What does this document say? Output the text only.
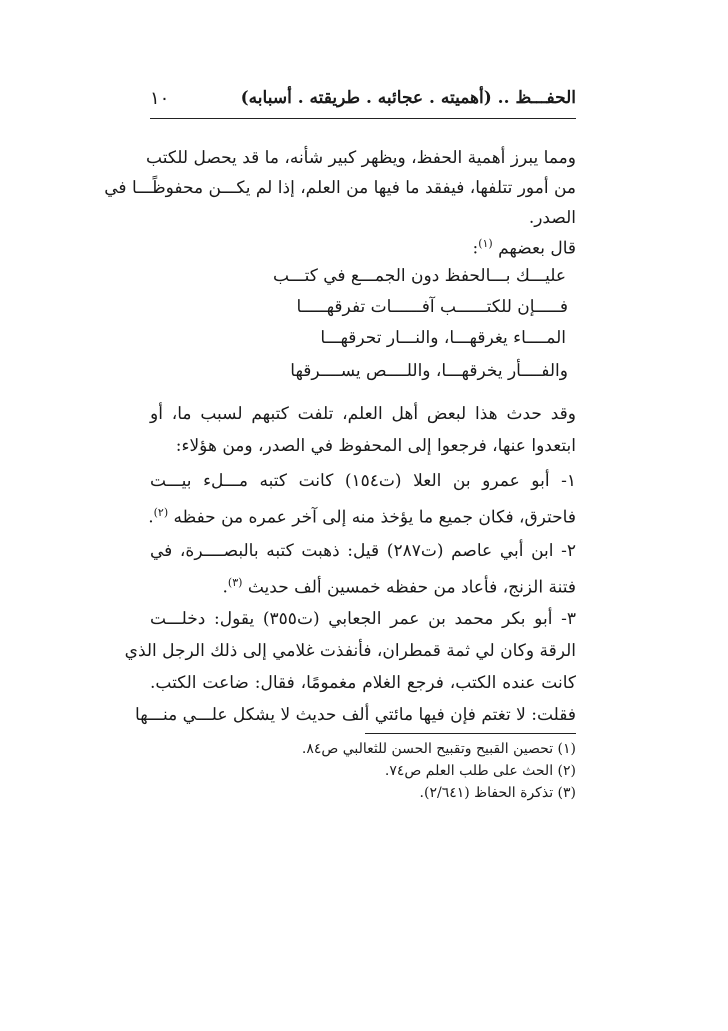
الحفـــظ .. (أهميته . عجائبه . طريقته . أسبابه)
١٠
ومما يبرز أهمية الحفظ، ويظهر كبير شأنه، ما قد يحصل للكتب
من أمور تتلفها، فيفقد ما فيها من العلم، إذا لم يكـــن محفوظًـــا في
الصدر.
قال بعضهم $^{(١)}$:
عليـــك بـــالحفظ دون الجمـــع في كتـــب
فـــــإن للكتــــــب آفــــــات تفرقهـــــا
المــــاء يغرقهـــا، والنـــار تحرقهـــا
والفــــأر يخرقهـــا، واللــــص يســــرقها
وقد حدث هذا لبعض أهل العلم، تلفت كتبهم لسبب ما، أو
ابتعدوا عنها، فرجعوا إلى المحفوظ في الصدر، ومن هؤلاء:
١- أبو عمرو بن العلا (ت١٥٤) كانت كتبه مـــلء بيـــت
فاحترق، فكان جميع ما يؤخذ منه إلى آخر عمره من حفظه $^{(٢)}$.
٢- ابن أبي عاصم (ت٢٨٧) قيل: ذهبت كتبه بالبصــــرة، في
فتنة الزنج، فأعاد من حفظه خمسين ألف حديث $^{(٣)}$.
٣- أبو بكر محمد بن عمر الجعابي (ت٣٥٥) يقول: دخلـــت
الرقة وكان لي ثمة قمطران، فأنفذت غلامي إلى ذلك الرجل الذي
كانت عنده الكتب، فرجع الغلام مغمومًا، فقال: ضاعت الكتب.
فقلت: لا تغتم فإن فيها مائتي ألف حديث لا يشكل علـــي منـــها
(١) تحصين القبيح وتقبيح الحسن للثعالبي ص٨٤.
(٢) الحث على طلب العلم ص٧٤.
(٣) تذكرة الحفاظ (٢/٦٤١).
